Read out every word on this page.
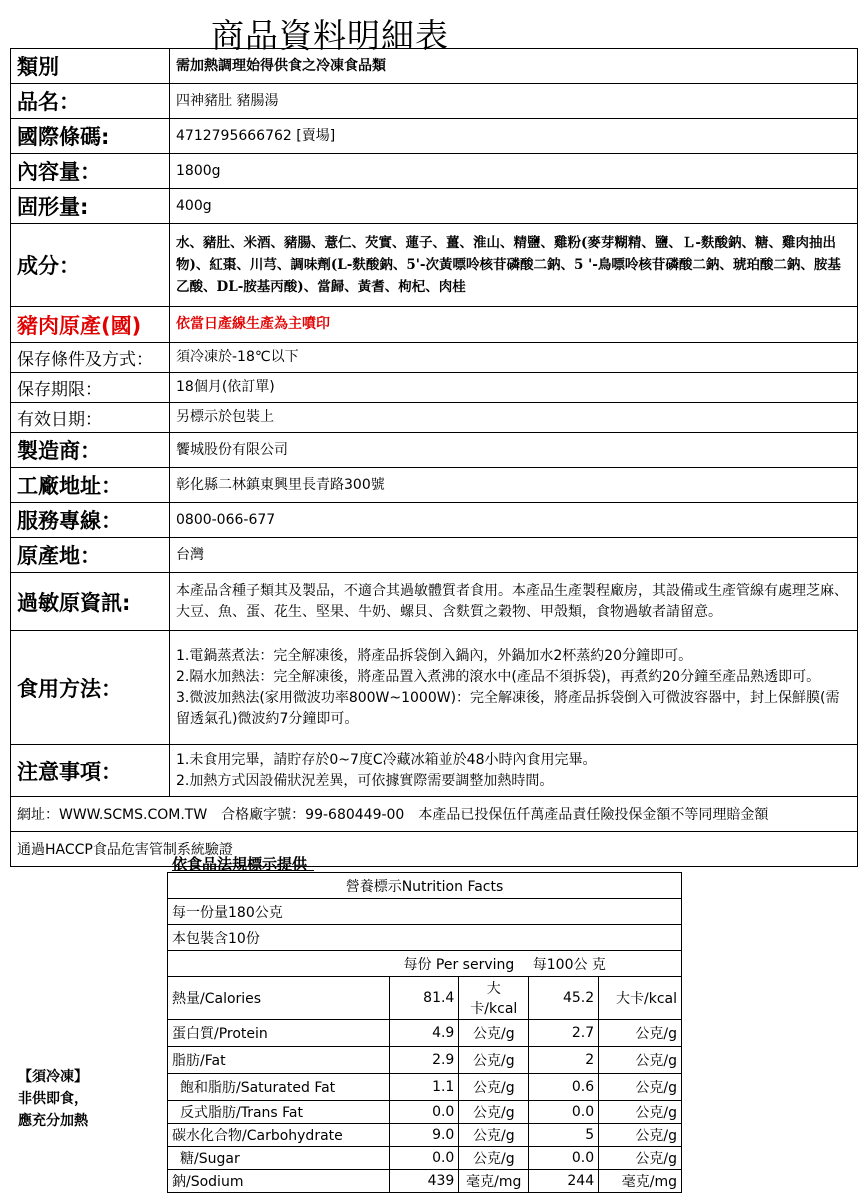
商品資料明細表
類別	需加熱調理始得供食之冷凍食品類
品名：	四神豬肚 豬腸湯
國際條碼:	4712795666762 [賣場]
內容量：	1800g
固形量:	400g
成分：	水、豬肚、米酒、豬腸、薏仁、芡實、蓮子、薑、淮山、精鹽、雞粉(麥芽糊精、鹽、Ｌ-麩酸鈉、糖、雞肉抽出物)、紅棗、川芎、調味劑(L-麩酸鈉、5'-次黃嘌呤核苷磷酸二鈉、5 '-鳥嘌呤核苷磷酸二鈉、琥珀酸二鈉、胺基乙酸、DL-胺基丙酸)、當歸、黃耆、枸杞、肉桂
豬肉原產(國)	依當日產線生產為主噴印
保存條件及方式：	須冷凍於-18℃以下
保存期限：	18個月(依訂單)
有效日期：	另標示於包裝上
製造商：	饗城股份有限公司
工廠地址：	彰化縣二林鎮東興里長青路300號
服務專線：	0800-066-677
原產地：	台灣
過敏原資訊:	本產品含種子類其及製品，不適合其過敏體質者食用。本產品生產製程廠房，其設備或生產管線有處理芝麻、大豆、魚、蛋、花生、堅果、牛奶、螺貝、含麩質之穀物、甲殼類，食物過敏者請留意。
食用方法：	1.電鍋蒸煮法：完全解凍後，將產品拆袋倒入鍋內，外鍋加水2杯蒸約20分鐘即可。
2.隔水加熱法：完全解凍後，將產品置入煮沸的滾水中(產品不須拆袋)，再煮約20分鐘至產品熟透即可。
3.微波加熱法(家用微波功率800W~1000W)：完全解凍後，將產品拆袋倒入可微波容器中，封上保鮮膜(需留透氣孔)微波約7分鐘即可。

注意事項：	1.未食用完畢，請貯存於0~7度C冷藏冰箱並於48小時內食用完畢。
2.加熱方式因設備狀況差異，可依據實際需要調整加熱時間。

網址：WWW.SCMS.COM.TW　合格廠字號：99-680449-00　本產品已投保伍仟萬產品責任險投保金額不等同理賠金額	
通過HACCP食品危害管制系統驗證	
依食品法規標示提供
營養標示Nutrition Facts				
每一份量180公克				
本包裝含10份				
	每份 Per serving		每100公 克	
熱量/Calories	81.4	大卡/kcal	45.2	大卡/kcal
蛋白質/Protein	4.9	公克/g	2.7	公克/g
脂肪/Fat	2.9	公克/g	2	公克/g
飽和脂肪/Saturated Fat	1.1	公克/g	0.6	公克/g
反式脂肪/Trans Fat	0.0	公克/g	0.0	公克/g
碳水化合物/Carbohydrate	9.0	公克/g	5	公克/g
糖/Sugar	0.0	公克/g	0.0	公克/g
鈉/Sodium	439	毫克/mg	244	毫克/mg
【須冷凍】
非供即食，
應充分加熱
